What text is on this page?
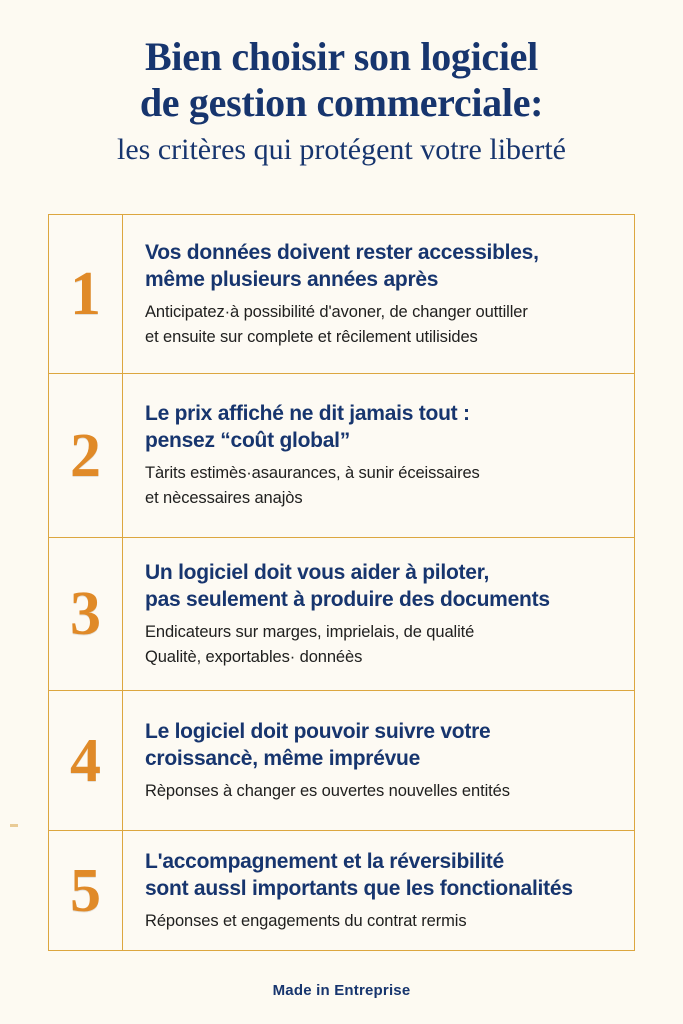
Bien choisir son logiciel
de gestion commerciale:
les critères qui protégent votre liberté
1
Vos données doivent rester accessibles,
même plusieurs années après
Anticipatez·à possibilité d'avoner, de changer outtiller
et ensuite sur complete et rêcilement utilisides
2
Le prix affiché ne dit jamais tout :
pensez “coût global”
Tàrits estimès·asaurances, à sunir éceissaires
et nècessaires anajòs
3
Un logiciel doit vous aider à piloter,
pas seulement à produire des documents
Endicateurs sur marges, imprielais, de qualité
Qualitè, exportables· donnéès
4 Le logiciel doit pouvoir suivre votre
croissancè, même imprévue
Rèponses à changer es ouvertes nouvelles entités
5 L'accompagnement et la réversibilité
sont aussl importants que les fonctionalités
Réponses et engagements du contrat rermis
Made in Entreprise
